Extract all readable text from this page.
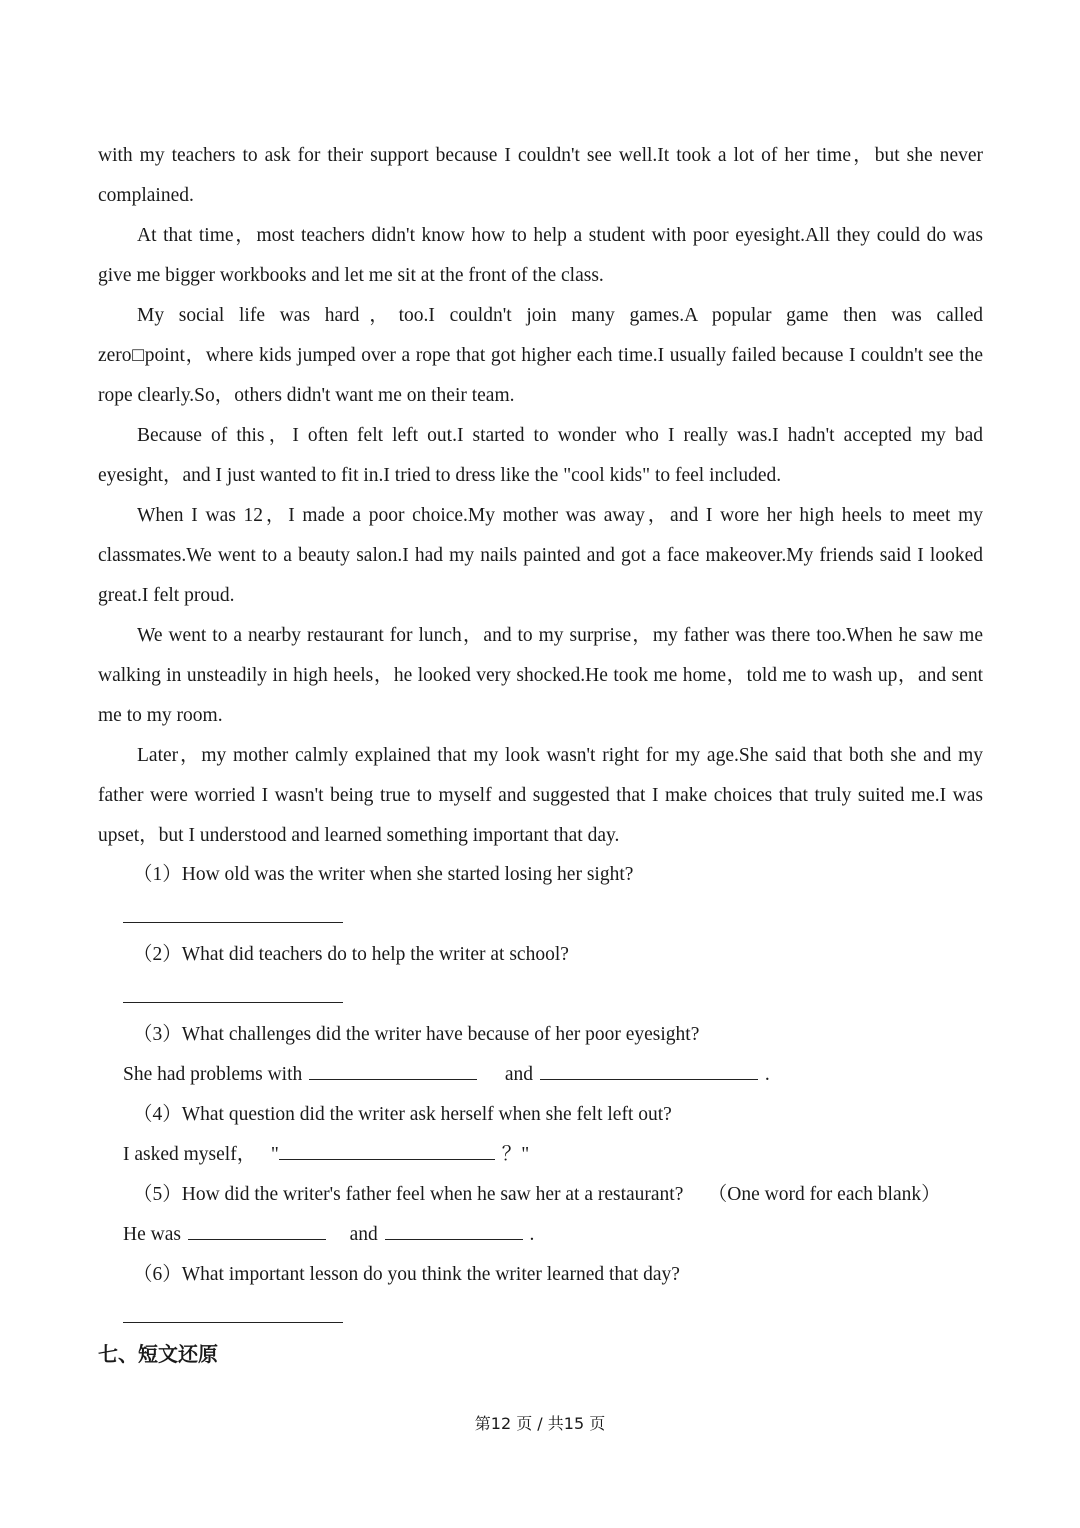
with my teachers to ask for their support because I couldn't see well.It took a lot of her time，but she never
complained.
At that time，most teachers didn't know how to help a student with poor eyesight.All they could do was
give me bigger workbooks and let me sit at the front of the class.
My social life was hard，too.I couldn't join many games.A popular game then was called
zero□point，where kids jumped over a rope that got higher each time.I usually failed because I couldn't see the
rope clearly.So，others didn't want me on their team.
Because of this，I often felt left out.I started to wonder who I really was.I hadn't accepted my bad
eyesight，and I just wanted to fit in.I tried to dress like the "cool kids" to feel included.
When I was 12，I made a poor choice.My mother was away，and I wore her high heels to meet my
classmates.We went to a beauty salon.I had my nails painted and got a face makeover.My friends said I looked
great.I felt proud.
We went to a nearby restaurant for lunch，and to my surprise，my father was there too.When he saw me
walking in unsteadily in high heels，he looked very shocked.He took me home，told me to wash up，and sent
me to my room.
Later，my mother calmly explained that my look wasn't right for my age.She said that both she and my
father were worried I wasn't being true to myself and suggested that I make choices that truly suited me.I was
upset，but I understood and learned something important that day.
（1）How old was the writer when she started losing her sight?
（2）What did teachers do to help the writer at school?
（3）What challenges did the writer have because of her poor eyesight?
She had problems with	and	.
（4）What question did the writer ask herself when she felt left out?
I asked myself，   "	？"
（5）How did the writer's father feel when he saw her at a restaurant?     （One word for each blank）
He was	and	.
（6）What important lesson do you think the writer learned that day?
七、短文还原
第12 页 / 共15 页
